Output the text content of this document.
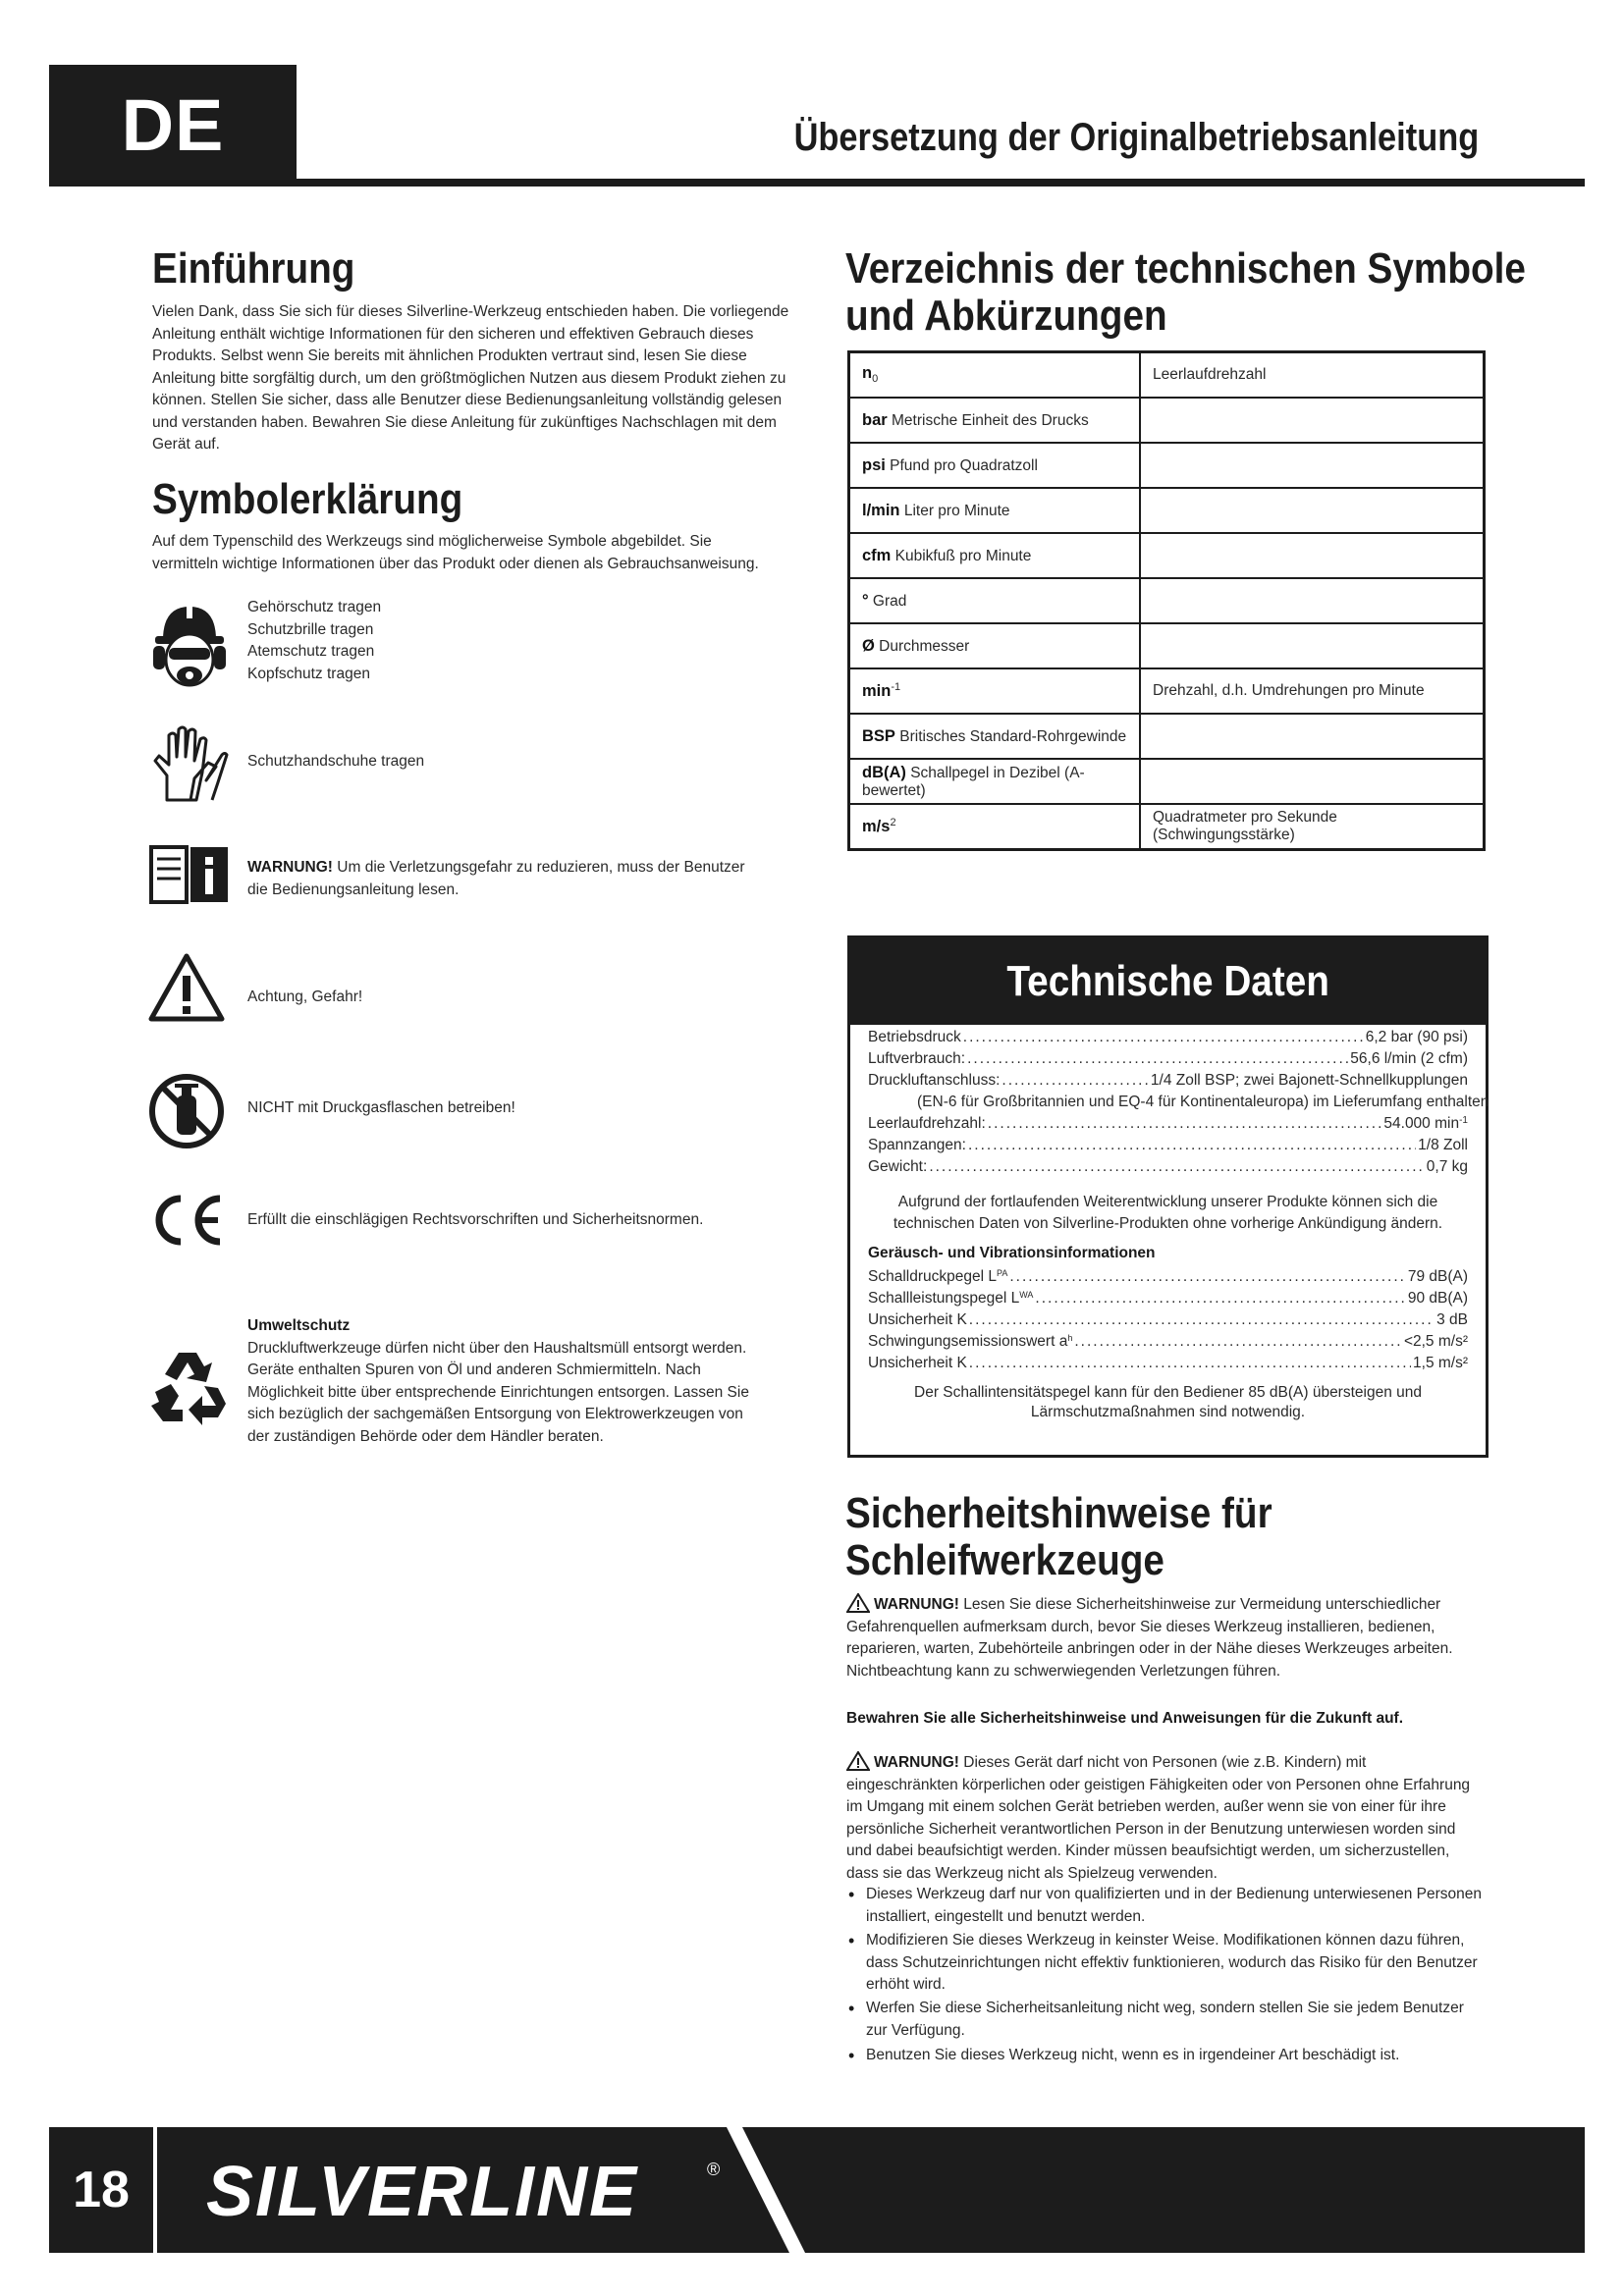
DE	Übersetzung der Originalbetriebsanleitung
Einführung
Vielen Dank, dass Sie sich für dieses Silverline-Werkzeug entschieden haben. Die vorliegende Anleitung enthält wichtige Informationen für den sicheren und effektiven Gebrauch dieses Produkts. Selbst wenn Sie bereits mit ähnlichen Produkten vertraut sind, lesen Sie diese Anleitung bitte sorgfältig durch, um den größtmöglichen Nutzen aus diesem Produkt ziehen zu können. Stellen Sie sicher, dass alle Benutzer diese Bedienungsanleitung vollständig gelesen und verstanden haben. Bewahren Sie diese Anleitung für zukünftiges Nachschlagen mit dem Gerät auf.
Symbolerklärung
Auf dem Typenschild des Werkzeugs sind möglicherweise Symbole abgebildet. Sie vermitteln wichtige Informationen über das Produkt oder dienen als Gebrauchsanweisung.
Gehörschutz tragen
Schutzbrille tragen
Atemschutz tragen
Kopfschutz tragen
Schutzhandschuhe tragen
WARNUNG! Um die Verletzungsgefahr zu reduzieren, muss der Benutzer die Bedienungsanleitung lesen.
Achtung, Gefahr!
NICHT mit Druckgasflaschen betreiben!
Erfüllt die einschlägigen Rechtsvorschriften und Sicherheitsnormen.
Umweltschutz
Druckluftwerkzeuge dürfen nicht über den Haushaltsmüll entsorgt werden. Geräte enthalten Spuren von Öl und anderen Schmiermitteln. Nach Möglichkeit bitte über entsprechende Einrichtungen entsorgen. Lassen Sie sich bezüglich der sachgemäßen Entsorgung von Elektrowerkzeugen von der zuständigen Behörde oder dem Händler beraten.
Verzeichnis der technischen Symbole
und Abkürzungen
$n_0$	Leerlaufdrehzahl
bar Metrische Einheit des Drucks	
psi Pfund pro Quadratzoll	
l/min Liter pro Minute	
cfm Kubikfuß pro Minute	
° Grad	
Ø Durchmesser	
$\min^{-1}$	Drehzahl, d.h. Umdrehungen pro Minute
BSP Britisches Standard-Rohrgewinde	
dB(A) Schallpegel in Dezibel (A-bewertet)	
$m/s^2$	Quadratmeter pro Sekunde (Schwingungsstärke)
Technische Daten
Betriebsdruck .....	6,2 bar (90 psi)
Luftverbrauch: .....	56,6 l/min (2 cfm)
Druckluftanschluss: .....	1/4 Zoll BSP; zwei Bajonett-Schnellkupplungen
(EN-6 für Großbritannien und EQ-4 für Kontinentaleuropa) im Lieferumfang enthalten
Leerlaufdrehzahl: .....	54.000 min -1
Spannzangen: .....	1/8 Zoll
Gewicht: .....	0,7 kg
Aufgrund der fortlaufenden Weiterentwicklung unserer Produkte können sich die
technischen Daten von Silverline-Produkten ohne vorherige Ankündigung ändern.
Geräusch- und Vibrationsinformationen
Schalldruckpegel L PA .....	79 dB(A)
Schallleistungspegel L WA .....	90 dB(A)
Unsicherheit K .....	3 dB
Schwingungsemissionswert a h .....	<2,5 m/s²
Unsicherheit K .....	1,5 m/s²
Der Schallintensitätspegel kann für den Bediener 85 dB(A) übersteigen und
Lärmschutzmaßnahmen sind notwendig.
Sicherheitshinweise für
Schleifwerkzeuge
WARNUNG! Lesen Sie diese Sicherheitshinweise zur Vermeidung unterschiedlicher Gefahrenquellen aufmerksam durch, bevor Sie dieses Werkzeug installieren, bedienen, reparieren, warten, Zubehörteile anbringen oder in der Nähe dieses Werkzeuges arbeiten. Nichtbeachtung kann zu schwerwiegenden Verletzungen führen.
Bewahren Sie alle Sicherheitshinweise und Anweisungen für die Zukunft auf.
WARNUNG! Dieses Gerät darf nicht von Personen (wie z.B. Kindern) mit eingeschränkten körperlichen oder geistigen Fähigkeiten oder von Personen ohne Erfahrung im Umgang mit einem solchen Gerät betrieben werden, außer wenn sie von einer für ihre persönliche Sicherheit verantwortlichen Person in der Benutzung unterwiesen worden sind und dabei beaufsichtigt werden. Kinder müssen beaufsichtigt werden, um sicherzustellen, dass sie das Werkzeug nicht als Spielzeug verwenden.
• Dieses Werkzeug darf nur von qualifizierten und in der Bedienung unterwiesenen Personen installiert, eingestellt und benutzt werden.
• Modifizieren Sie dieses Werkzeug in keinster Weise. Modifikationen können dazu führen, dass Schutzeinrichtungen nicht effektiv funktionieren, wodurch das Risiko für den Benutzer erhöht wird.
• Werfen Sie diese Sicherheitsanleitung nicht weg, sondern stellen Sie sie jedem Benutzer zur Verfügung.
• Benutzen Sie dieses Werkzeug nicht, wenn es in irgendeiner Art beschädigt ist.
18	SILVERLINE	®
